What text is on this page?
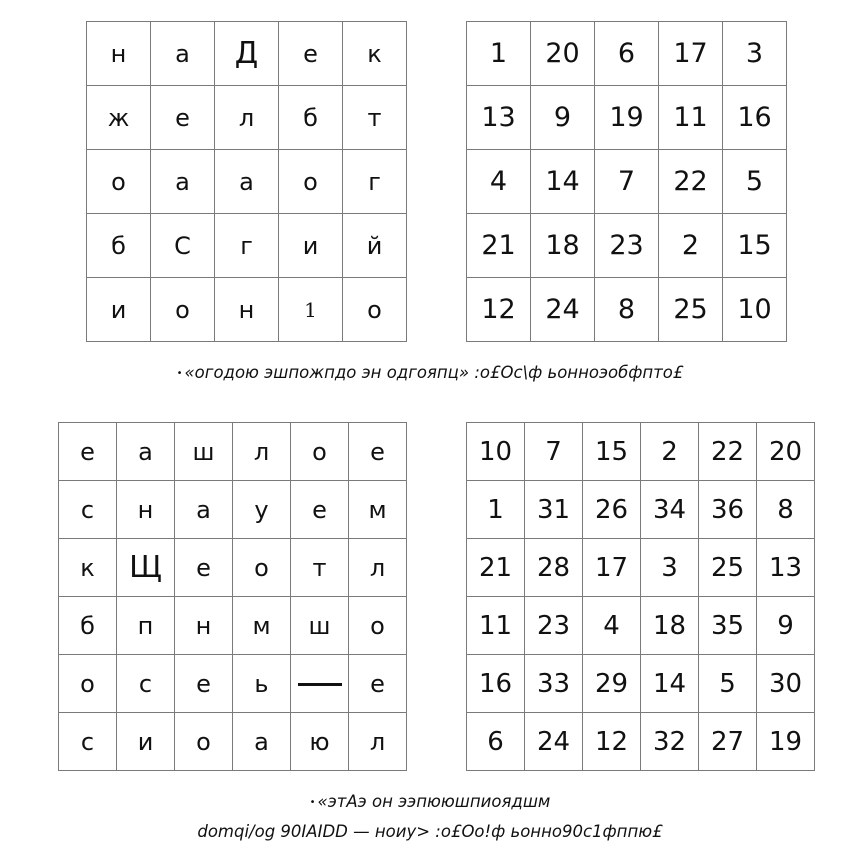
н	а	Д	е	к
ж	е	л	б	т
о	а	а	о	г
б	С	г	и	й
и	о	н	1	о
1	20	6	17	3
13	9	19	11	16
4	14	7	22	5
21	18	23	2	15
12	24	8	25	10
• «огодою эшпожпдо эн одгояпц» :о£Ос\ф ьонноэобфпто£
е	а	ш	л	о	е
с	н	а	у	е	м
к	Щ	е	о	т	л
б	п	н	м	ш	о
о	с	е	ь		е
с	и	о	а	ю	л
10	7	15	2	22	20
1	31	26	34	36	8
21	28	17	3	25	13
11	23	4	18	35	9
16	33	29	14	5	30
6	24	12	32	27	19
• «этАэ он ээпююшпиоядшм
domqi/og 90IAIDD — ноиу> :о£Оо!ф ьонно90с1фппю£
